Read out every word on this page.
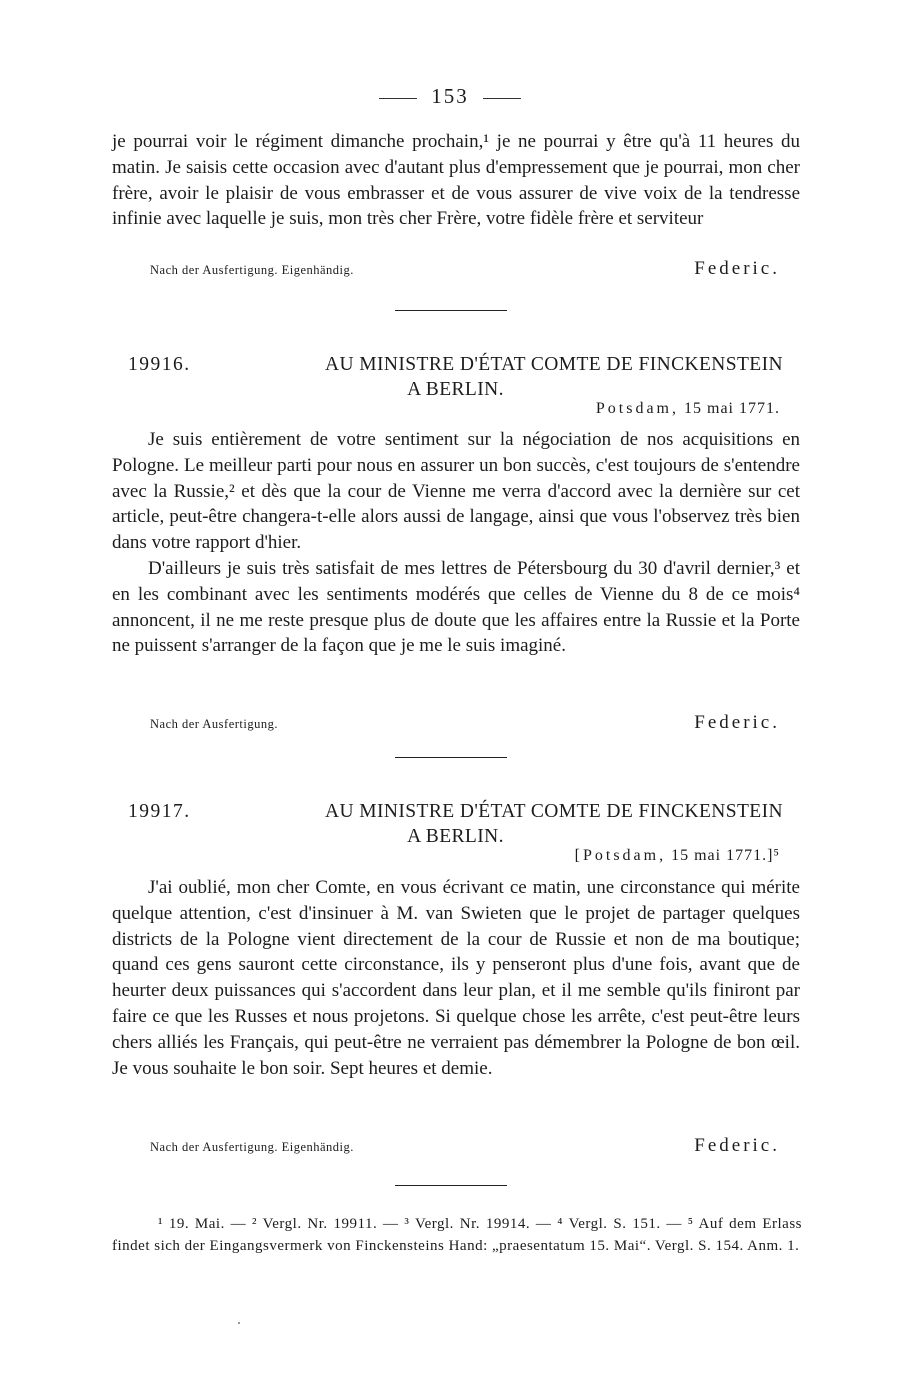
153

je pourrai voir le régiment dimanche prochain,¹ je ne pourrai y être qu'à 11 heures du matin. Je saisis cette occasion avec d'autant plus d'empressement que je pourrai, mon cher frère, avoir le plaisir de vous embrasser et de vous assurer de vive voix de la tendresse infinie avec laquelle je suis, mon très cher Frère, votre fidèle frère et serviteur

Nach der Ausfertigung. Eigenhändig.	Federic.
19916.	AU MINISTRE D'ÉTAT COMTE DE FINCKENSTEIN
A BERLIN.
Potsdam, 15 mai 1771.

Je suis entièrement de votre sentiment sur la négociation de nos acquisitions en Pologne. Le meilleur parti pour nous en assurer un bon succès, c'est toujours de s'entendre avec la Russie,² et dès que la cour de Vienne me verra d'accord avec la dernière sur cet article, peut-être changera-t-elle alors aussi de langage, ainsi que vous l'observez très bien dans votre rapport d'hier.

D'ailleurs je suis très satisfait de mes lettres de Pétersbourg du 30 d'avril dernier,³ et en les combinant avec les sentiments modérés que celles de Vienne du 8 de ce mois⁴ annoncent, il ne me reste presque plus de doute que les affaires entre la Russie et la Porte ne puissent s'arranger de la façon que je me le suis imaginé.

Nach der Ausfertigung.	Federic.
19917.	AU MINISTRE D'ÉTAT COMTE DE FINCKENSTEIN
A BERLIN.
[Potsdam, 15 mai 1771.]⁵

J'ai oublié, mon cher Comte, en vous écrivant ce matin, une circonstance qui mérite quelque attention, c'est d'insinuer à M. van Swieten que le projet de partager quelques districts de la Pologne vient directement de la cour de Russie et non de ma boutique; quand ces gens sauront cette circonstance, ils y penseront plus d'une fois, avant que de heurter deux puissances qui s'accordent dans leur plan, et il me semble qu'ils finiront par faire ce que les Russes et nous projetons. Si quelque chose les arrête, c'est peut-être leurs chers alliés les Français, qui peut-être ne verraient pas démembrer la Pologne de bon œil. Je vous souhaite le bon soir. Sept heures et demie.

Nach der Ausfertigung. Eigenhändig.	Federic.

¹ 19. Mai. — ² Vergl. Nr. 19911. — ³ Vergl. Nr. 19914. — ⁴ Vergl. S. 151. — ⁵ Auf dem Erlass findet sich der Eingangsvermerk von Finckensteins Hand: „praesentatum 15. Mai“. Vergl. S. 154. Anm. 1.
